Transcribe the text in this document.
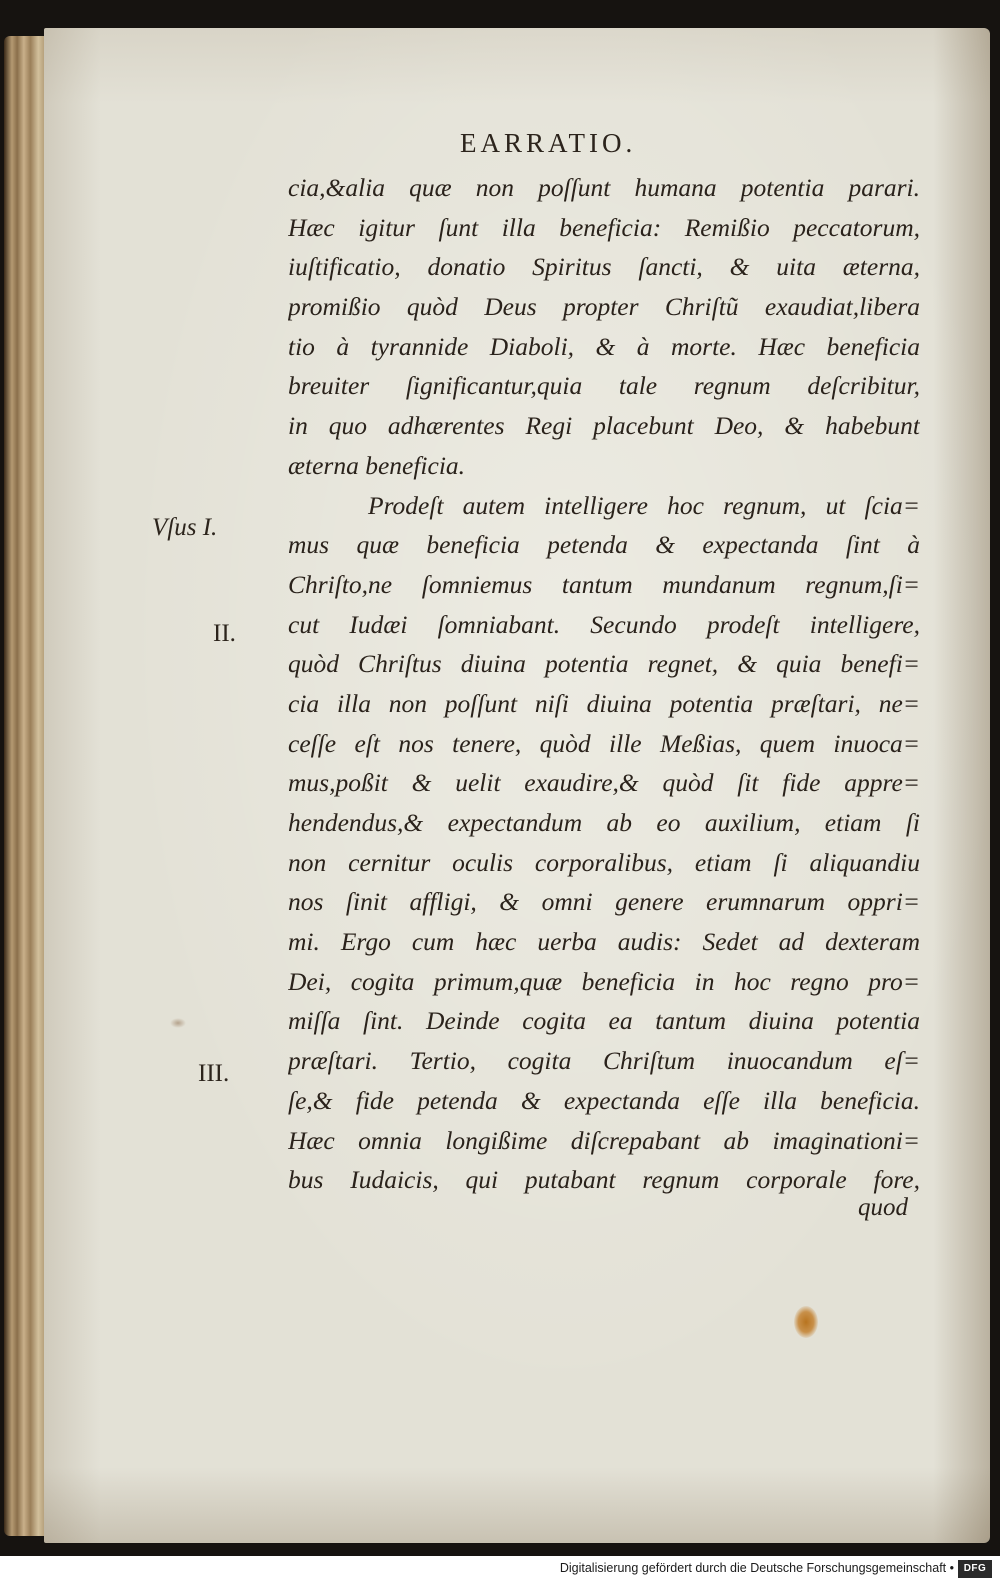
EARRATIO.
Vſus I.
II.
III.
cia,&alia quæ non poſſunt humana potentia parari.
Hæc igitur ſunt illa beneficia: Remißio peccatorum,
iuſtificatio, donatio Spiritus ſancti, & uita æterna,
promißio quòd Deus propter Chriſtũ exaudiat,libera
tio à tyrannide Diaboli, & à morte. Hæc beneficia
breuiter ſignificantur,quia tale regnum deſcribitur,
in quo adhærentes Regi placebunt Deo, & habebunt
æterna beneficia.
Prodeſt autem intelligere hoc regnum, ut ſcia=
mus quæ beneficia petenda & expectanda ſint à
Chriſto,ne ſomniemus tantum mundanum regnum,ſi=
cut Iudæi ſomniabant. Secundo prodeſt intelligere,
quòd Chriſtus diuina potentia regnet, & quia benefi=
cia illa non poſſunt niſi diuina potentia præſtari, ne=
ceſſe eſt nos tenere, quòd ille Meßias, quem inuoca=
mus,poßit & uelit exaudire,& quòd ſit fide appre=
hendendus,& expectandum ab eo auxilium, etiam ſi
non cernitur oculis corporalibus, etiam ſi aliquandiu
nos ſinit affligi, & omni genere erumnarum oppri=
mi. Ergo cum hæc uerba audis: Sedet ad dexteram
Dei, cogita primum,quæ beneficia in hoc regno pro=
miſſa ſint. Deinde cogita ea tantum diuina potentia
præſtari. Tertio, cogita Chriſtum inuocandum eſ=
ſe,& fide petenda & expectanda eſſe illa beneficia.
Hæc omnia longißime diſcrepabant ab imaginationi=
bus Iudaicis, qui putabant regnum corporale fore,
quod
Digitalisierung gefördert durch die Deutsche Forschungsgemeinschaft • DFG
